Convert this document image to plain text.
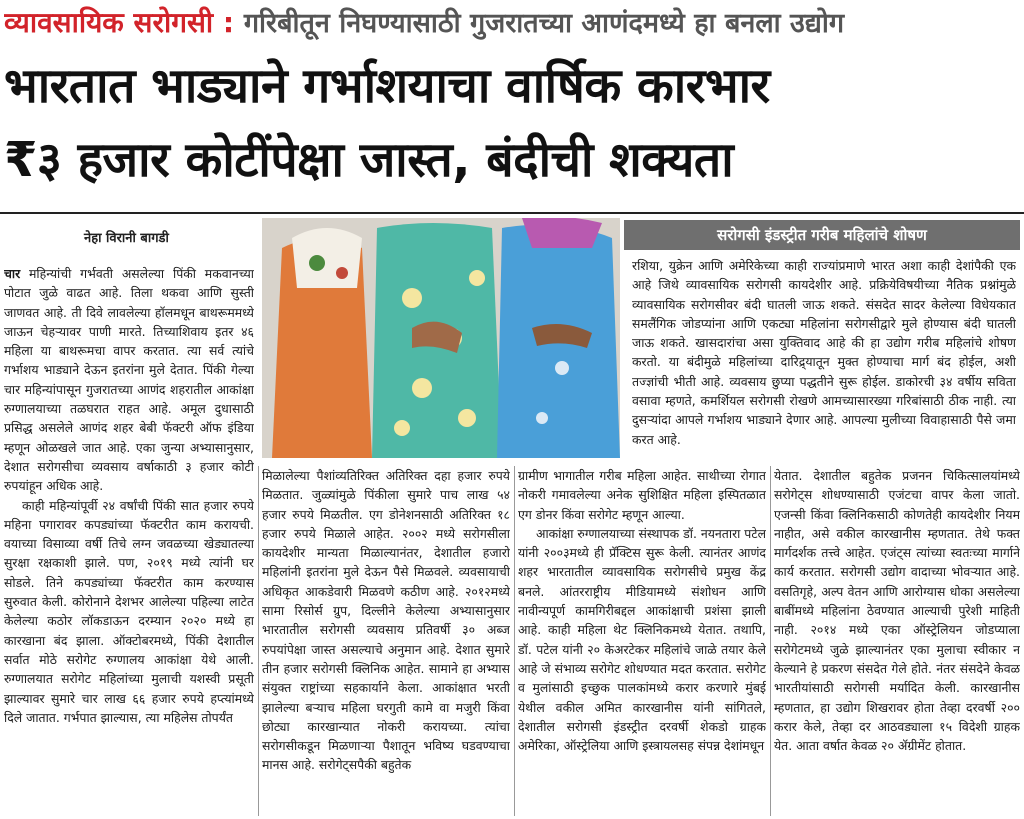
व्यावसायिक सरोगसी : गरिबीतून निघण्यासाठी गुजरातच्या आणंदमध्ये हा बनला उद्योग
भारतात भाड्याने गर्भाशयाचा वार्षिक कारभार
₹३ हजार कोटींपेक्षा जास्त, बंदीची शक्यता
नेहा विरानी बागडी

चार महिन्यांची गर्भवती असलेल्या पिंकी मकवानच्या पोटात जुळे वाढत आहे. तिला थकवा आणि सुस्ती जाणवत आहे. ती दिवे लावलेल्या हॉलमधून बाथरूममध्ये जाऊन चेहऱ्यावर पाणी मारते. तिच्याशिवाय इतर ४६ महिला या बाथरूमचा वापर करतात. त्या सर्व त्यांचे गर्भाशय भाड्याने देऊन इतरांना मुले देतात. पिंकी गेल्या चार महिन्यांपासून गुजरातच्या आणंद शहरातील आकांक्षा रुग्णालयाच्या तळघरात राहत आहे. अमूल दुधासाठी प्रसिद्ध असलेले आणंद शहर बेबी फॅक्टरी ऑफ इंडिया म्हणून ओळखले जात आहे. एका जुन्या अभ्यासानुसार, देशात सरोगसीचा व्यवसाय वर्षाकाठी ३ हजार कोटी रुपयांहून अधिक आहे.

काही महिन्यांपूर्वी २४ वर्षांची पिंकी सात हजार रुपये महिना पगारावर कपड्यांच्या फॅक्टरीत काम करायची. वयाच्या विसाव्या वर्षी तिचे लग्न जवळच्या खेड्यातल्या सुरक्षा रक्षकाशी झाले. पण, २०१९ मध्ये त्यांनी घर सोडले. तिने कपड्यांच्या फॅक्टरीत काम करण्यास सुरुवात केली. कोरोनाने देशभर आलेल्या पहिल्या लाटेत केलेल्या कठोर लॉकडाऊन दरम्यान २०२० मध्ये हा कारखाना बंद झाला. ऑक्टोबरमध्ये, पिंकी देशातील सर्वात मोठे सरोगेट रुग्णालय आकांक्षा येथे आली. रुग्णालयात सरोगेट महिलांच्या मुलाची यशस्वी प्रसूती झाल्यावर सुमारे चार लाख ६६ हजार रुपये हप्त्यांमध्ये दिले जातात. गर्भपात झाल्यास, त्या महिलेस तोपर्यंत

सरोगसी इंडस्ट्रीत गरीब महिलांचे शोषण
रशिया, युक्रेन आणि अमेरिकेच्या काही राज्यांप्रमाणे भारत अशा काही देशांपैकी एक आहे जिथे व्यावसायिक सरोगसी कायदेशीर आहे. प्रक्रियेविषयीच्या नैतिक प्रश्नांमुळे व्यावसायिक सरोगसीवर बंदी घातली जाऊ शकते. संसदेत सादर केलेल्या विधेयकात समलैंगिक जोडप्यांना आणि एकट्या महिलांना सरोगसीद्वारे मुले होण्यास बंदी घातली जाऊ शकते. खासदारांचा असा युक्तिवाद आहे की हा उद्योग गरीब महिलांचे शोषण करतो. या बंदीमुळे महिलांच्या दारिद्र्यातून मुक्त होण्याचा मार्ग बंद होईल, अशी तज्ज्ञांची भीती आहे. व्यवसाय छुप्या पद्धतीने सुरू होईल. डाकोरची ३४ वर्षीय सविता वसावा म्हणते, कमर्शियल सरोगसी रोखणे आमच्यासारख्या गरिबांसाठी ठीक नाही. त्या दुसऱ्यांदा आपले गर्भाशय भाड्याने देणार आहे. आपल्या मुलीच्या विवाहासाठी पैसे जमा करत आहे.

मिळालेल्या पैशांव्यतिरिक्त अतिरिक्त दहा हजार रुपये मिळतात. जुळ्यांमुळे पिंकीला सुमारे पाच लाख ५४ हजार रुपये मिळतील. एग डोनेशनसाठी अतिरिक्त १८ हजार रुपये मिळाले आहेत. २००२ मध्ये सरोगसीला कायदेशीर मान्यता मिळाल्यानंतर, देशातील हजारो महिलांनी इतरांना मुले देऊन पैसे मिळवले. व्यवसायाची अधिकृत आकडेवारी मिळवणे कठीण आहे. २०१२मध्ये सामा रिसोर्स ग्रुप, दिल्लीने केलेल्या अभ्यासानुसार भारतातील सरोगसी व्यवसाय प्रतिवर्षी ३० अब्ज रुपयांपेक्षा जास्त असल्याचे अनुमान आहे. देशात सुमारे तीन हजार सरोगसी क्लिनिक आहेत. सामाने हा अभ्यास संयुक्त राष्ट्रांच्या सहकार्याने केला. आकांक्षात भरती झालेल्या बऱ्याच महिला घरगुती कामे वा मजुरी किंवा छोट्या कारखान्यात नोकरी करायच्या. त्यांचा सरोगसीकडून मिळणाऱ्या पैशातून भविष्य घडवण्याचा मानस आहे. सरोगेट्सपैकी बहुतेक

ग्रामीण भागातील गरीब महिला आहेत. साथीच्या रोगात नोकरी गमावलेल्या अनेक सुशिक्षित महिला इस्पितळात एग डोनर किंवा सरोगेट म्हणून आल्या.

आकांक्षा रुग्णालयाच्या संस्थापक डॉ. नयनतारा पटेल यांनी २००३मध्ये ही प्रॅक्टिस सुरू केली. त्यानंतर आणंद शहर भारतातील व्यावसायिक सरोगसीचे प्रमुख केंद्र बनले. आंतरराष्ट्रीय मीडियामध्ये संशोधन आणि नावीन्यपूर्ण कामगिरीबद्दल आकांक्षाची प्रशंसा झाली आहे. काही महिला थेट क्लिनिकमध्ये येतात. तथापि, डॉ. पटेल यांनी २० केअरटेकर महिलांचे जाळे तयार केले आहे जे संभाव्य सरोगेट शोधण्यात मदत करतात. सरोगेट व मुलांसाठी इच्छुक पालकांमध्ये करार करणारे मुंबई येथील वकील अमित कारखानीस यांनी सांगितले, देशातील सरोगसी इंडस्ट्रीत दरवर्षी शेकडो ग्राहक अमेरिका, ऑस्ट्रेलिया आणि इस्त्रायलसह संपन्न देशांमधून

येतात. देशातील बहुतेक प्रजनन चिकित्सालयांमध्ये सरोगेट्स शोधण्यासाठी एजंटचा वापर केला जातो. एजन्सी किंवा क्लिनिकसाठी कोणतेही कायदेशीर नियम नाहीत, असे वकील कारखानीस म्हणतात. तेथे फक्त मार्गदर्शक तत्त्वे आहेत. एजंट्स त्यांच्या स्वतःच्या मार्गाने कार्य करतात. सरोगसी उद्योग वादाच्या भोवऱ्यात आहे. वसतिगृहे, अल्प वेतन आणि आरोग्यास धोका असलेल्या बाबींमध्ये महिलांना ठेवण्यात आल्याची पुरेशी माहिती नाही. २०१४ मध्ये एका ऑस्ट्रेलियन जोडप्याला सरोगेटमध्ये जुळे झाल्यानंतर एका मुलाचा स्वीकार न केल्याने हे प्रकरण संसदेत गेले होते. नंतर संसदेने केवळ भारतीयांसाठी सरोगसी मर्यादित केली. कारखानीस म्हणतात, हा उद्योग शिखरावर होता तेव्हा दरवर्षी २०० करार केले, तेव्हा दर आठवड्याला १५ विदेशी ग्राहक येत. आता वर्षात केवळ २० ॲग्रीमेंट होतात.
